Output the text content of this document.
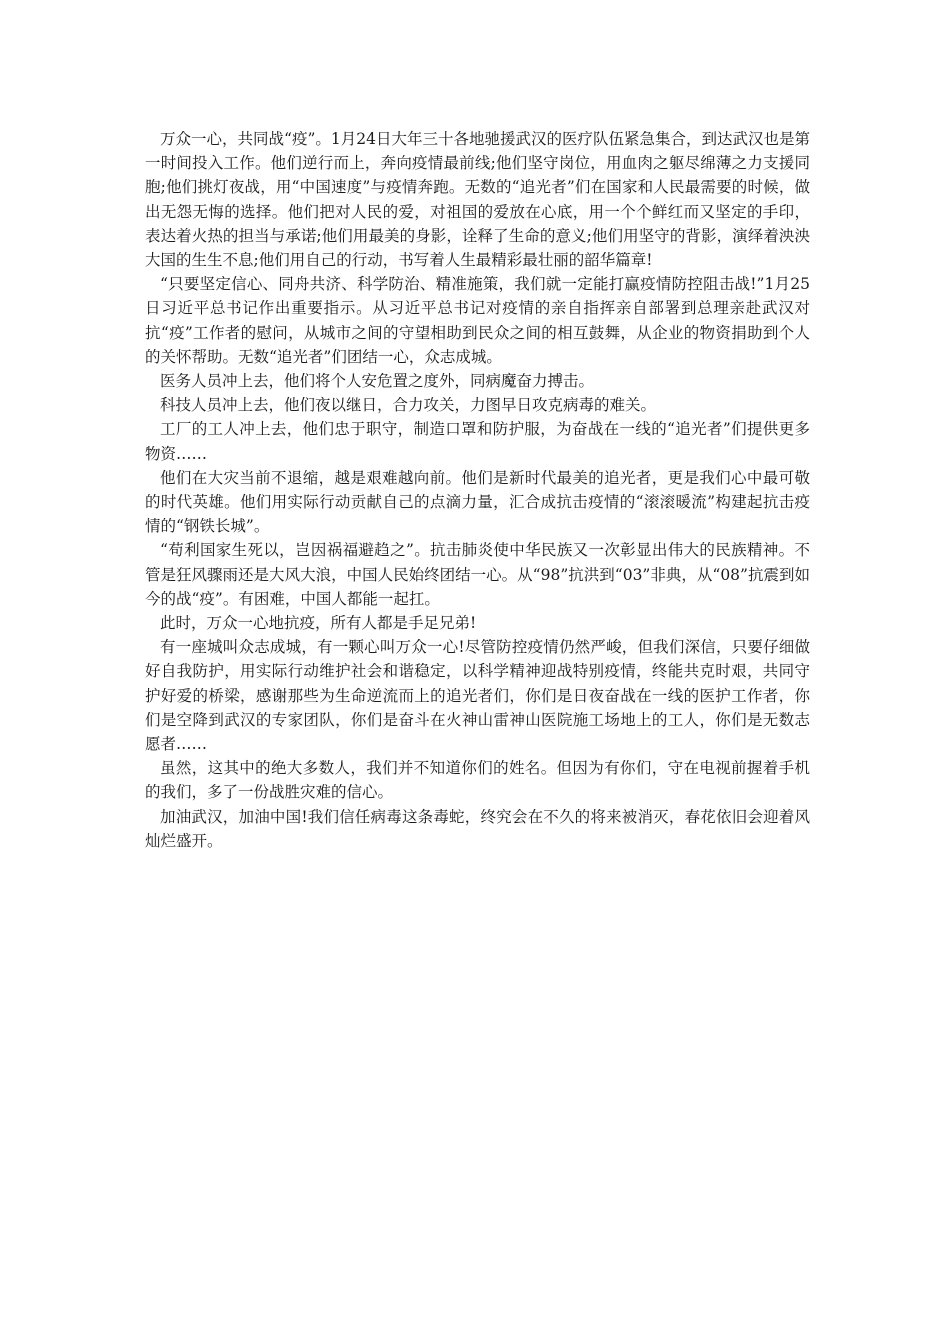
万众一心，共同战“疫”。1月24日大年三十各地驰援武汉的医疗队伍紧急集合，到达武汉也是第一时间投入工作。他们逆行而上，奔向疫情最前线;他们坚守岗位，用血肉之躯尽绵薄之力支援同胞;他们挑灯夜战，用“中国速度”与疫情奔跑。无数的“追光者”们在国家和人民最需要的时候，做出无怨无悔的选择。他们把对人民的爱，对祖国的爱放在心底，用一个个鲜红而又坚定的手印，表达着火热的担当与承诺;他们用最美的身影，诠释了生命的意义;他们用坚守的背影，演绎着泱泱大国的生生不息;他们用自己的行动，书写着人生最精彩最壮丽的韶华篇章!

“只要坚定信心、同舟共济、科学防治、精准施策，我们就一定能打赢疫情防控阻击战!”1月25日习近平总书记作出重要指示。从习近平总书记对疫情的亲自指挥亲自部署到总理亲赴武汉对抗“疫”工作者的慰问，从城市之间的守望相助到民众之间的相互鼓舞，从企业的物资捐助到个人的关怀帮助。无数“追光者”们团结一心，众志成城。

医务人员冲上去，他们将个人安危置之度外，同病魔奋力搏击。

科技人员冲上去，他们夜以继日，合力攻关，力图早日攻克病毒的难关。

工厂的工人冲上去，他们忠于职守，制造口罩和防护服，为奋战在一线的“追光者”们提供更多物资……

他们在大灾当前不退缩，越是艰难越向前。他们是新时代最美的追光者，更是我们心中最可敬的时代英雄。他们用实际行动贡献自己的点滴力量，汇合成抗击疫情的“滚滚暖流”构建起抗击疫情的“钢铁长城”。

“苟利国家生死以，岂因祸福避趋之”。抗击肺炎使中华民族又一次彰显出伟大的民族精神。不管是狂风骤雨还是大风大浪，中国人民始终团结一心。从“98”抗洪到“03”非典，从“08”抗震到如今的战“疫”。有困难，中国人都能一起扛。

此时，万众一心地抗疫，所有人都是手足兄弟!

有一座城叫众志成城，有一颗心叫万众一心!尽管防控疫情仍然严峻，但我们深信，只要仔细做好自我防护，用实际行动维护社会和谐稳定，以科学精神迎战特别疫情，终能共克时艰，共同守护好爱的桥梁，感谢那些为生命逆流而上的追光者们，你们是日夜奋战在一线的医护工作者，你们是空降到武汉的专家团队，你们是奋斗在火神山雷神山医院施工场地上的工人，你们是无数志愿者……

虽然，这其中的绝大多数人，我们并不知道你们的姓名。但因为有你们，守在电视前握着手机的我们，多了一份战胜灾难的信心。

加油武汉，加油中国!我们信任病毒这条毒蛇，终究会在不久的将来被消灭，春花依旧会迎着风灿烂盛开。
